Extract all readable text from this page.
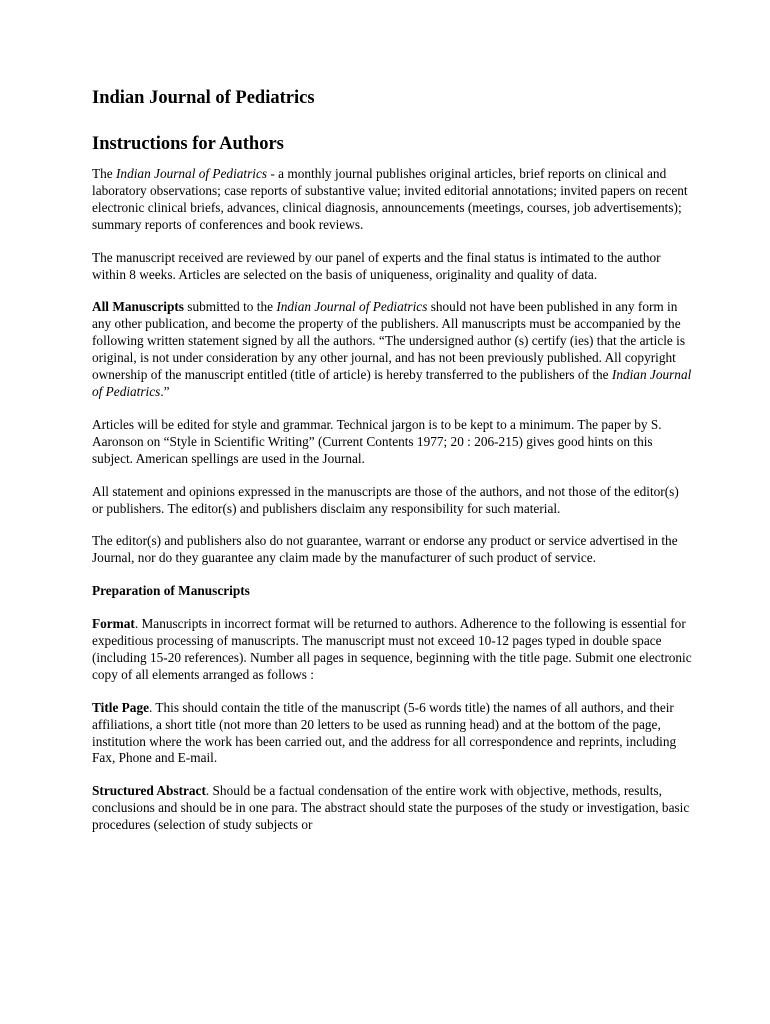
Indian Journal of Pediatrics
Instructions for Authors

The Indian Journal of Pediatrics - a monthly journal publishes original articles, brief reports on clinical and laboratory observations; case reports of substantive value; invited editorial annotations; invited papers on recent electronic clinical briefs, advances, clinical diagnosis, announcements (meetings, courses, job advertisements); summary reports of conferences and book reviews.

The manuscript received are reviewed by our panel of experts and the final status is intimated to the author within 8 weeks. Articles are selected on the basis of uniqueness, originality and quality of data.

All Manuscripts submitted to the Indian Journal of Pediatrics should not have been published in any form in any other publication, and become the property of the publishers. All manuscripts must be accompanied by the following written statement signed by all the authors. “The undersigned author (s) certify (ies) that the article is original, is not under consideration by any other journal, and has not been previously published. All copyright ownership of the manuscript entitled (title of article) is hereby transferred to the publishers of the Indian Journal of Pediatrics.”

Articles will be edited for style and grammar. Technical jargon is to be kept to a minimum. The paper by S. Aaronson on “Style in Scientific Writing” (Current Contents 1977; 20 : 206-215) gives good hints on this subject. American spellings are used in the Journal.

All statement and opinions expressed in the manuscripts are those of the authors, and not those of the editor(s) or publishers. The editor(s) and publishers disclaim any responsibility for such material.

The editor(s) and publishers also do not guarantee, warrant or endorse any product or service advertised in the Journal, nor do they guarantee any claim made by the manufacturer of such product of service.

Preparation of Manuscripts

Format. Manuscripts in incorrect format will be returned to authors. Adherence to the following is essential for expeditious processing of manuscripts. The manuscript must not exceed 10-12 pages typed in double space (including 15-20 references). Number all pages in sequence, beginning with the title page. Submit one electronic copy of all elements arranged as follows :

Title Page. This should contain the title of the manuscript (5-6 words title) the names of all authors, and their affiliations, a short title (not more than 20 letters to be used as running head) and at the bottom of the page, institution where the work has been carried out, and the address for all correspondence and reprints, including Fax, Phone and E-mail.

Structured Abstract. Should be a factual condensation of the entire work with objective, methods, results, conclusions and should be in one para. The abstract should state the purposes of the study or investigation, basic procedures (selection of study subjects or
